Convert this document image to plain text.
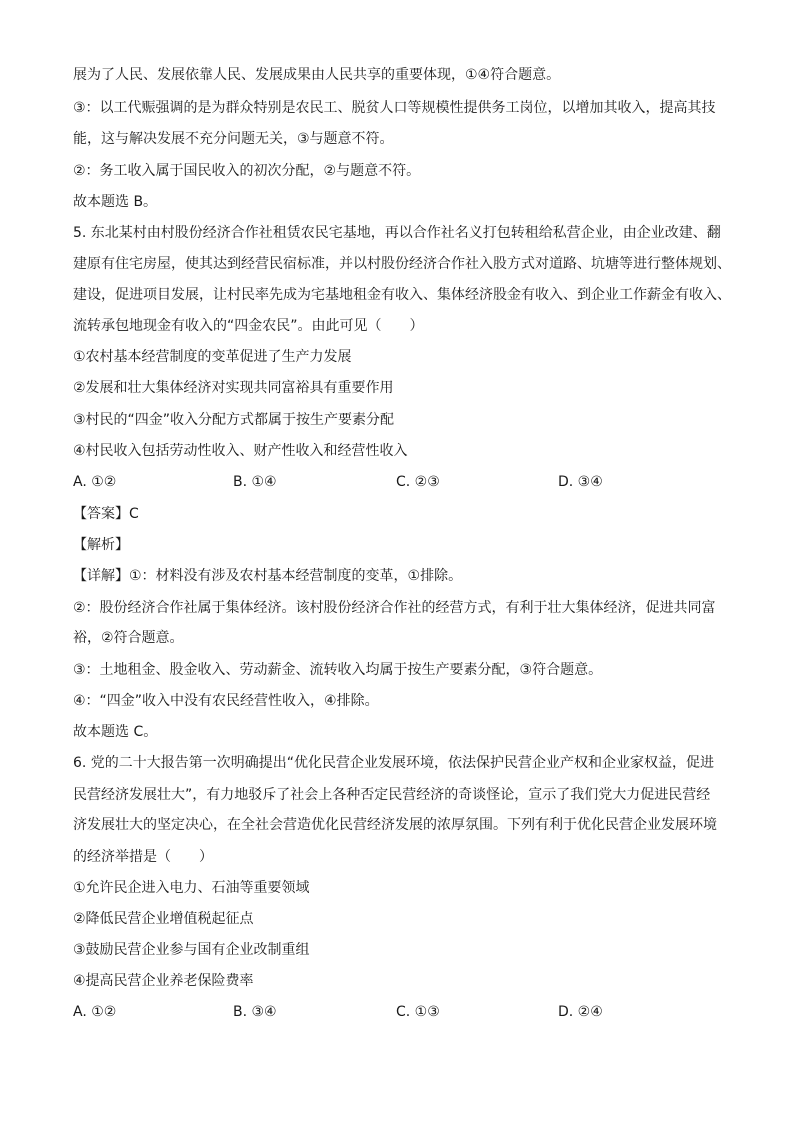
展为了人民、发展依靠人民、发展成果由人民共享的重要体现，①④符合题意。
③：以工代赈强调的是为群众特别是农民工、脱贫人口等规模性提供务工岗位，以增加其收入，提高其技
能，这与解决发展不充分问题无关，③与题意不符。
②：务工收入属于国民收入的初次分配，②与题意不符。
故本题选 B。
5. 东北某村由村股份经济合作社租赁农民宅基地，再以合作社名义打包转租给私营企业，由企业改建、翻
建原有住宅房屋，使其达到经营民宿标准，并以村股份经济合作社入股方式对道路、坑塘等进行整体规划、
建设，促进项目发展，让村民率先成为宅基地租金有收入、集体经济股金有收入、到企业工作薪金有收入、
流转承包地现金有收入的“四金农民”。由此可见（　　）
①农村基本经营制度的变革促进了生产力发展
②发展和壮大集体经济对实现共同富裕具有重要作用
③村民的“四金”收入分配方式都属于按生产要素分配
④村民收入包括劳动性收入、财产性收入和经营性收入
A. ①②	B. ①④	C. ②③	D. ③④
【答案】C
【解析】
【详解】①：材料没有涉及农村基本经营制度的变革，①排除。
②：股份经济合作社属于集体经济。该村股份经济合作社的经营方式，有利于壮大集体经济，促进共同富
裕，②符合题意。
③：土地租金、股金收入、劳动薪金、流转收入均属于按生产要素分配，③符合题意。
④：“四金”收入中没有农民经营性收入，④排除。
故本题选 C。
6. 党的二十大报告第一次明确提出“优化民营企业发展环境，依法保护民营企业产权和企业家权益，促进
民营经济发展壮大”，有力地驳斥了社会上各种否定民营经济的奇谈怪论，宣示了我们党大力促进民营经
济发展壮大的坚定决心，在全社会营造优化民营经济发展的浓厚氛围。下列有利于优化民营企业发展环境
的经济举措是（　　）
①允许民企进入电力、石油等重要领域
②降低民营企业增值税起征点
③鼓励民营企业参与国有企业改制重组
④提高民营企业养老保险费率
A. ①②	B. ③④	C. ①③	D. ②④
